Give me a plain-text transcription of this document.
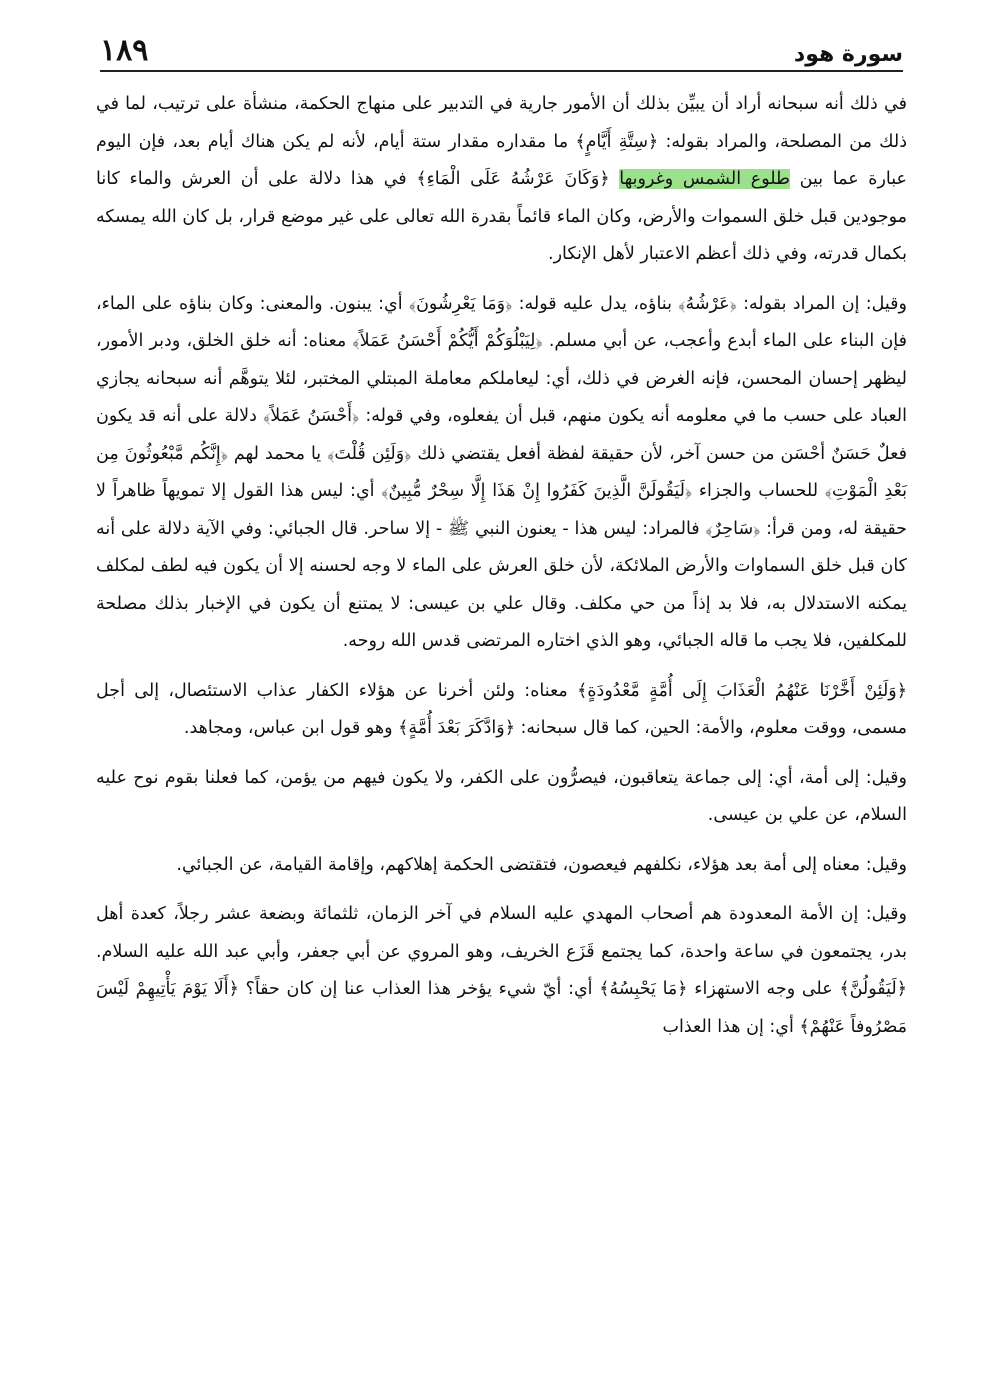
١٨٩	سورة هود

في ذلك أنه سبحانه أراد أن يبيِّن بذلك أن الأمور جارية في التدبير على منهاج الحكمة، منشأة على ترتيب، لما في ذلك من المصلحة، والمراد بقوله: ﴿سِتَّةِ أَيَّامٍ﴾ ما مقداره مقدار ستة أيام، لأنه لم يكن هناك أيام بعد، فإن اليوم عبارة عما بين طلوع الشمس وغروبها ﴿وَكَانَ عَرْشُهُ عَلَى الْمَاءِ﴾ في هذا دلالة على أن العرش والماء كانا موجودين قبل خلق السموات والأرض، وكان الماء قائماً بقدرة الله تعالى على غير موضع قرار، بل كان الله يمسكه بكمال قدرته، وفي ذلك أعظم الاعتبار لأهل الإنكار.

وقيل: إن المراد بقوله: ﴿عَرْشُهُ﴾ بناؤه، يدل عليه قوله: ﴿وَمَا يَعْرِشُونَ﴾ أي: يبنون. والمعنى: وكان بناؤه على الماء، فإن البناء على الماء أبدع وأعجب، عن أبي مسلم. ﴿لِيَبْلُوَكُمْ أَيُّكُمْ أَحْسَنُ عَمَلاً﴾ معناه: أنه خلق الخلق، ودبر الأمور، ليظهر إحسان المحسن، فإنه الغرض في ذلك، أي: ليعاملكم معاملة المبتلي المختبر، لئلا يتوهَّم أنه سبحانه يجازي العباد على حسب ما في معلومه أنه يكون منهم، قبل أن يفعلوه، وفي قوله: ﴿أَحْسَنُ عَمَلاً﴾ دلالة على أنه قد يكون فعلٌ حَسَنٌ أحْسَن من حسن آخر، لأن حقيقة لفظة أفعل يقتضي ذلك ﴿وَلَئِن قُلْتَ﴾ يا محمد لهم ﴿إِنَّكُم مَّبْعُوثُونَ مِن بَعْدِ الْمَوْتِ﴾ للحساب والجزاء ﴿لَيَقُولَنَّ الَّذِينَ كَفَرُوا إِنْ هَذَا إِلَّا سِحْرٌ مُّبِينٌ﴾ أي: ليس هذا القول إلا تمويهاً ظاهراً لا حقيقة له، ومن قرأ: ﴿سَاحِرٌ﴾ فالمراد: ليس هذا - يعنون النبي ﷺ - إلا ساحر. قال الجبائي: وفي الآية دلالة على أنه كان قبل خلق السماوات والأرض الملائكة، لأن خلق العرش على الماء لا وجه لحسنه إلا أن يكون فيه لطف لمكلف يمكنه الاستدلال به، فلا بد إذاً من حي مكلف. وقال علي بن عيسى: لا يمتنع أن يكون في الإخبار بذلك مصلحة للمكلفين، فلا يجب ما قاله الجبائي، وهو الذي اختاره المرتضى قدس الله روحه.

﴿وَلَئِنْ أَخَّرْنَا عَنْهُمُ الْعَذَابَ إِلَى أُمَّةٍ مَّعْدُودَةٍ﴾ معناه: ولئن أخرنا عن هؤلاء الكفار عذاب الاستئصال، إلى أجل مسمى، ووقت معلوم، والأمة: الحين، كما قال سبحانه: ﴿وَادَّكَرَ بَعْدَ أُمَّةٍ﴾ وهو قول ابن عباس، ومجاهد.

وقيل: إلى أمة، أي: إلى جماعة يتعاقبون، فيصرُّون على الكفر، ولا يكون فيهم من يؤمن، كما فعلنا بقوم نوح عليه السلام، عن علي بن عيسى.

وقيل: معناه إلى أمة بعد هؤلاء، نكلفهم فيعصون، فتقتضى الحكمة إهلاكهم، وإقامة القيامة، عن الجبائي.

وقيل: إن الأمة المعدودة هم أصحاب المهدي عليه السلام في آخر الزمان، ثلثمائة وبضعة عشر رجلاً، كعدة أهل بدر، يجتمعون في ساعة واحدة، كما يجتمع قَزَع الخريف، وهو المروي عن أبي جعفر، وأبي عبد الله عليه السلام. ﴿لَيَقُولُنَّ﴾ على وجه الاستهزاء ﴿مَا يَحْبِسُهُ﴾ أي: أيّ شيء يؤخر هذا العذاب عنا إن كان حقاً؟ ﴿أَلَا يَوْمَ يَأْتِيهِمْ لَيْسَ مَصْرُوفاً عَنْهُمْ﴾ أي: إن هذا العذاب
